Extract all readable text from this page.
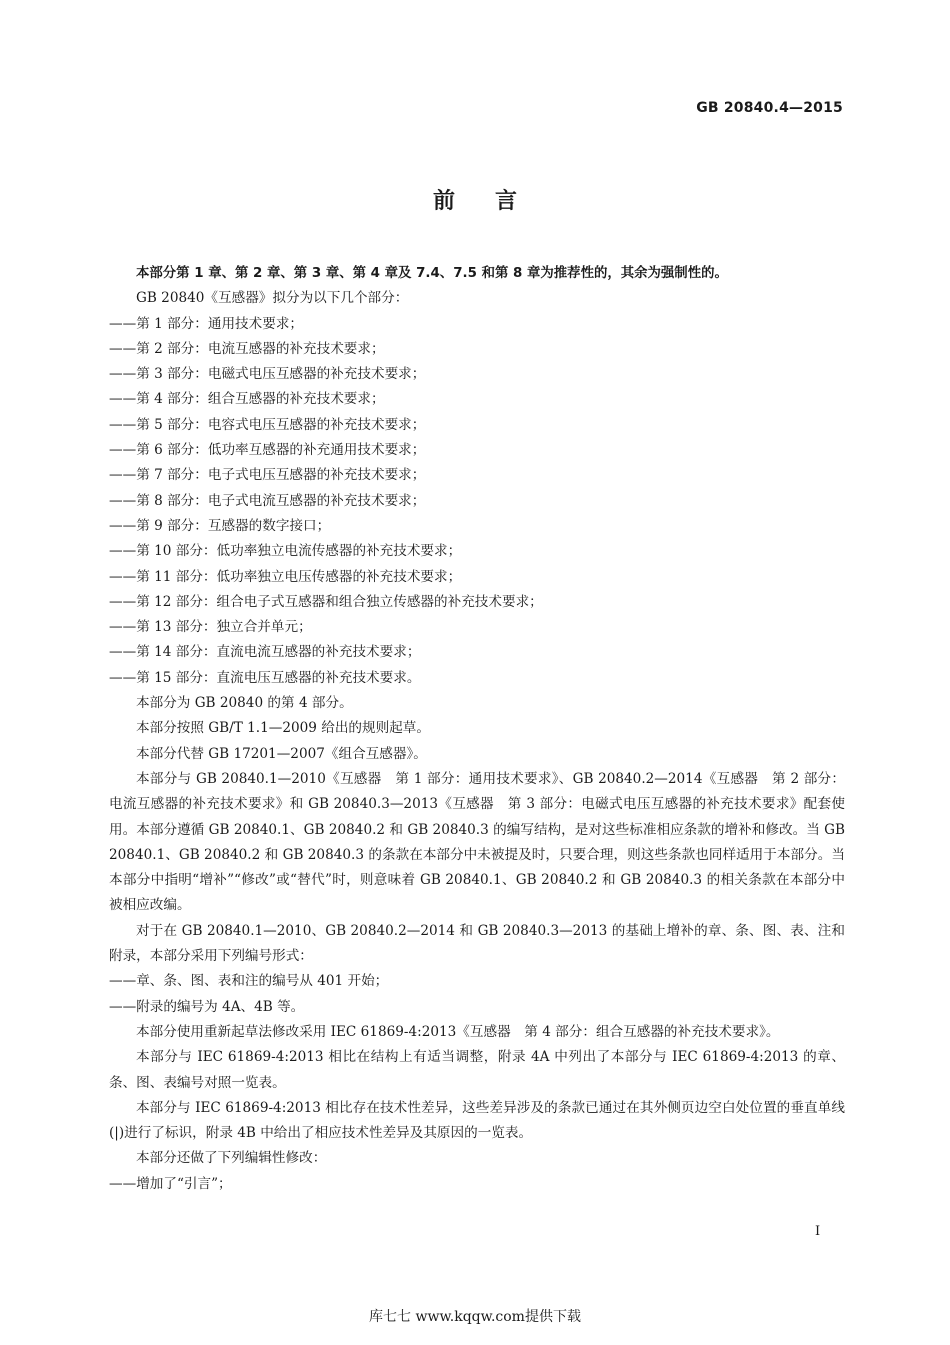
GB 20840.4—2015
前言

本部分第 1 章、第 2 章、第 3 章、第 4 章及 7.4、7.5 和第 8 章为推荐性的，其余为强制性的。

GB 20840《互感器》拟分为以下几个部分：

——第 1 部分：通用技术要求；

——第 2 部分：电流互感器的补充技术要求；

——第 3 部分：电磁式电压互感器的补充技术要求；

——第 4 部分：组合互感器的补充技术要求；

——第 5 部分：电容式电压互感器的补充技术要求；

——第 6 部分：低功率互感器的补充通用技术要求；

——第 7 部分：电子式电压互感器的补充技术要求；

——第 8 部分：电子式电流互感器的补充技术要求；

——第 9 部分：互感器的数字接口；

——第 10 部分：低功率独立电流传感器的补充技术要求；

——第 11 部分：低功率独立电压传感器的补充技术要求；

——第 12 部分：组合电子式互感器和组合独立传感器的补充技术要求；

——第 13 部分：独立合并单元；

——第 14 部分：直流电流互感器的补充技术要求；

——第 15 部分：直流电压互感器的补充技术要求。

本部分为 GB 20840 的第 4 部分。

本部分按照 GB/T 1.1—2009 给出的规则起草。

本部分代替 GB 17201—2007《组合互感器》。

本部分与 GB 20840.1—2010《互感器　第 1 部分：通用技术要求》、GB 20840.2—2014《互感器　第 2 部分：电流互感器的补充技术要求》和 GB 20840.3—2013《互感器　第 3 部分：电磁式电压互感器的补充技术要求》配套使用。本部分遵循 GB 20840.1、GB 20840.2 和 GB 20840.3 的编写结构，是对这些标准相应条款的增补和修改。当 GB 20840.1、GB 20840.2 和 GB 20840.3 的条款在本部分中未被提及时，只要合理，则这些条款也同样适用于本部分。当本部分中指明“增补”“修改”或“替代”时，则意味着 GB 20840.1、GB 20840.2 和 GB 20840.3 的相关条款在本部分中被相应改编。

对于在 GB 20840.1—2010、GB 20840.2—2014 和 GB 20840.3—2013 的基础上增补的章、条、图、表、注和附录，本部分采用下列编号形式：

——章、条、图、表和注的编号从 401 开始；

——附录的编号为 4A、4B 等。

本部分使用重新起草法修改采用 IEC 61869-4:2013《互感器　第 4 部分：组合互感器的补充技术要求》。

本部分与 IEC 61869-4:2013 相比在结构上有适当调整，附录 4A 中列出了本部分与 IEC 61869-4:2013 的章、条、图、表编号对照一览表。

本部分与 IEC 61869-4:2013 相比存在技术性差异，这些差异涉及的条款已通过在其外侧页边空白处位置的垂直单线(|)进行了标识，附录 4B 中给出了相应技术性差异及其原因的一览表。

本部分还做了下列编辑性修改：

——增加了“引言”；

I
库七七 www.kqqw.com提供下载
